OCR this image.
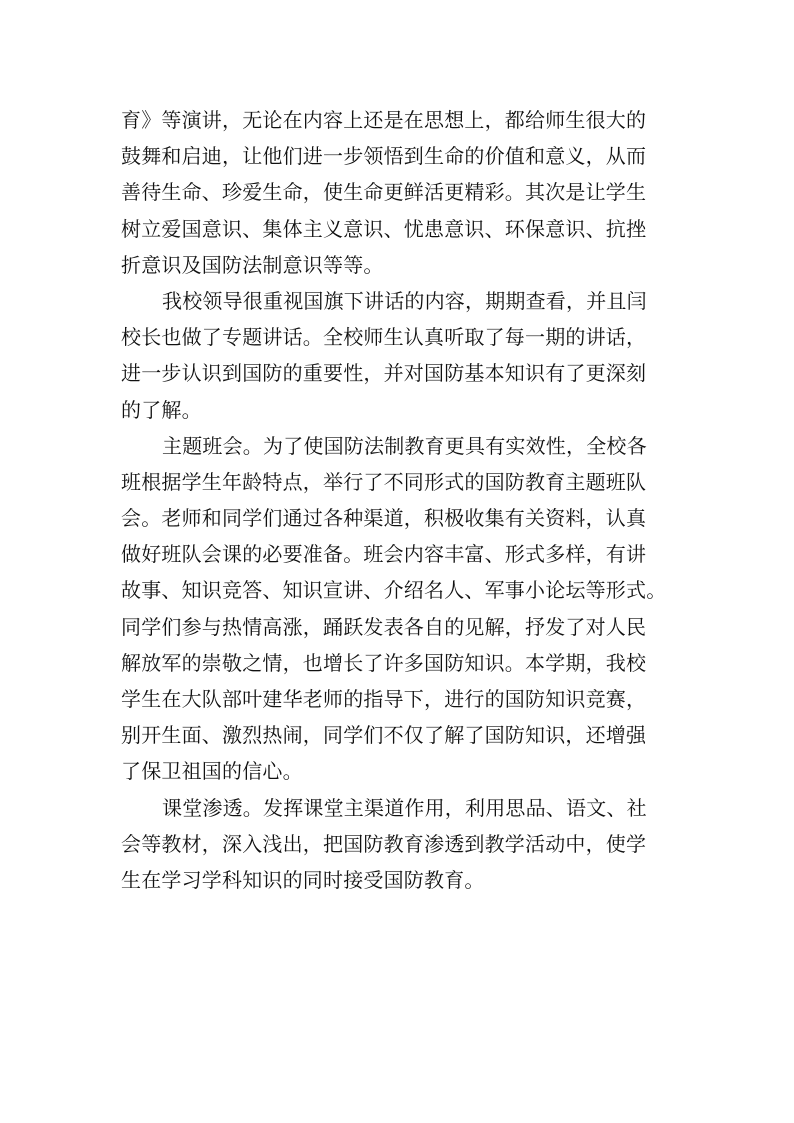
育》等演讲，无论在内容上还是在思想上，都给师生很大的
鼓舞和启迪，让他们进一步领悟到生命的价值和意义，从而
善待生命、珍爱生命，使生命更鲜活更精彩。其次是让学生
树立爱国意识、集体主义意识、忧患意识、环保意识、抗挫
折意识及国防法制意识等等。

我校领导很重视国旗下讲话的内容，期期查看，并且闫
校长也做了专题讲话。全校师生认真听取了每一期的讲话，
进一步认识到国防的重要性，并对国防基本知识有了更深刻
的了解。

主题班会。为了使国防法制教育更具有实效性，全校各
班根据学生年龄特点，举行了不同形式的国防教育主题班队
会。老师和同学们通过各种渠道，积极收集有关资料，认真
做好班队会课的必要准备。班会内容丰富、形式多样，有讲
故事、知识竞答、知识宣讲、介绍名人、军事小论坛等形式。
同学们参与热情高涨，踊跃发表各自的见解，抒发了对人民
解放军的崇敬之情，也增长了许多国防知识。本学期，我校
学生在大队部叶建华老师的指导下，进行的国防知识竞赛，
别开生面、激烈热闹，同学们不仅了解了国防知识，还增强
了保卫祖国的信心。

课堂渗透。发挥课堂主渠道作用，利用思品、语文、社
会等教材，深入浅出，把国防教育渗透到教学活动中，使学
生在学习学科知识的同时接受国防教育。
